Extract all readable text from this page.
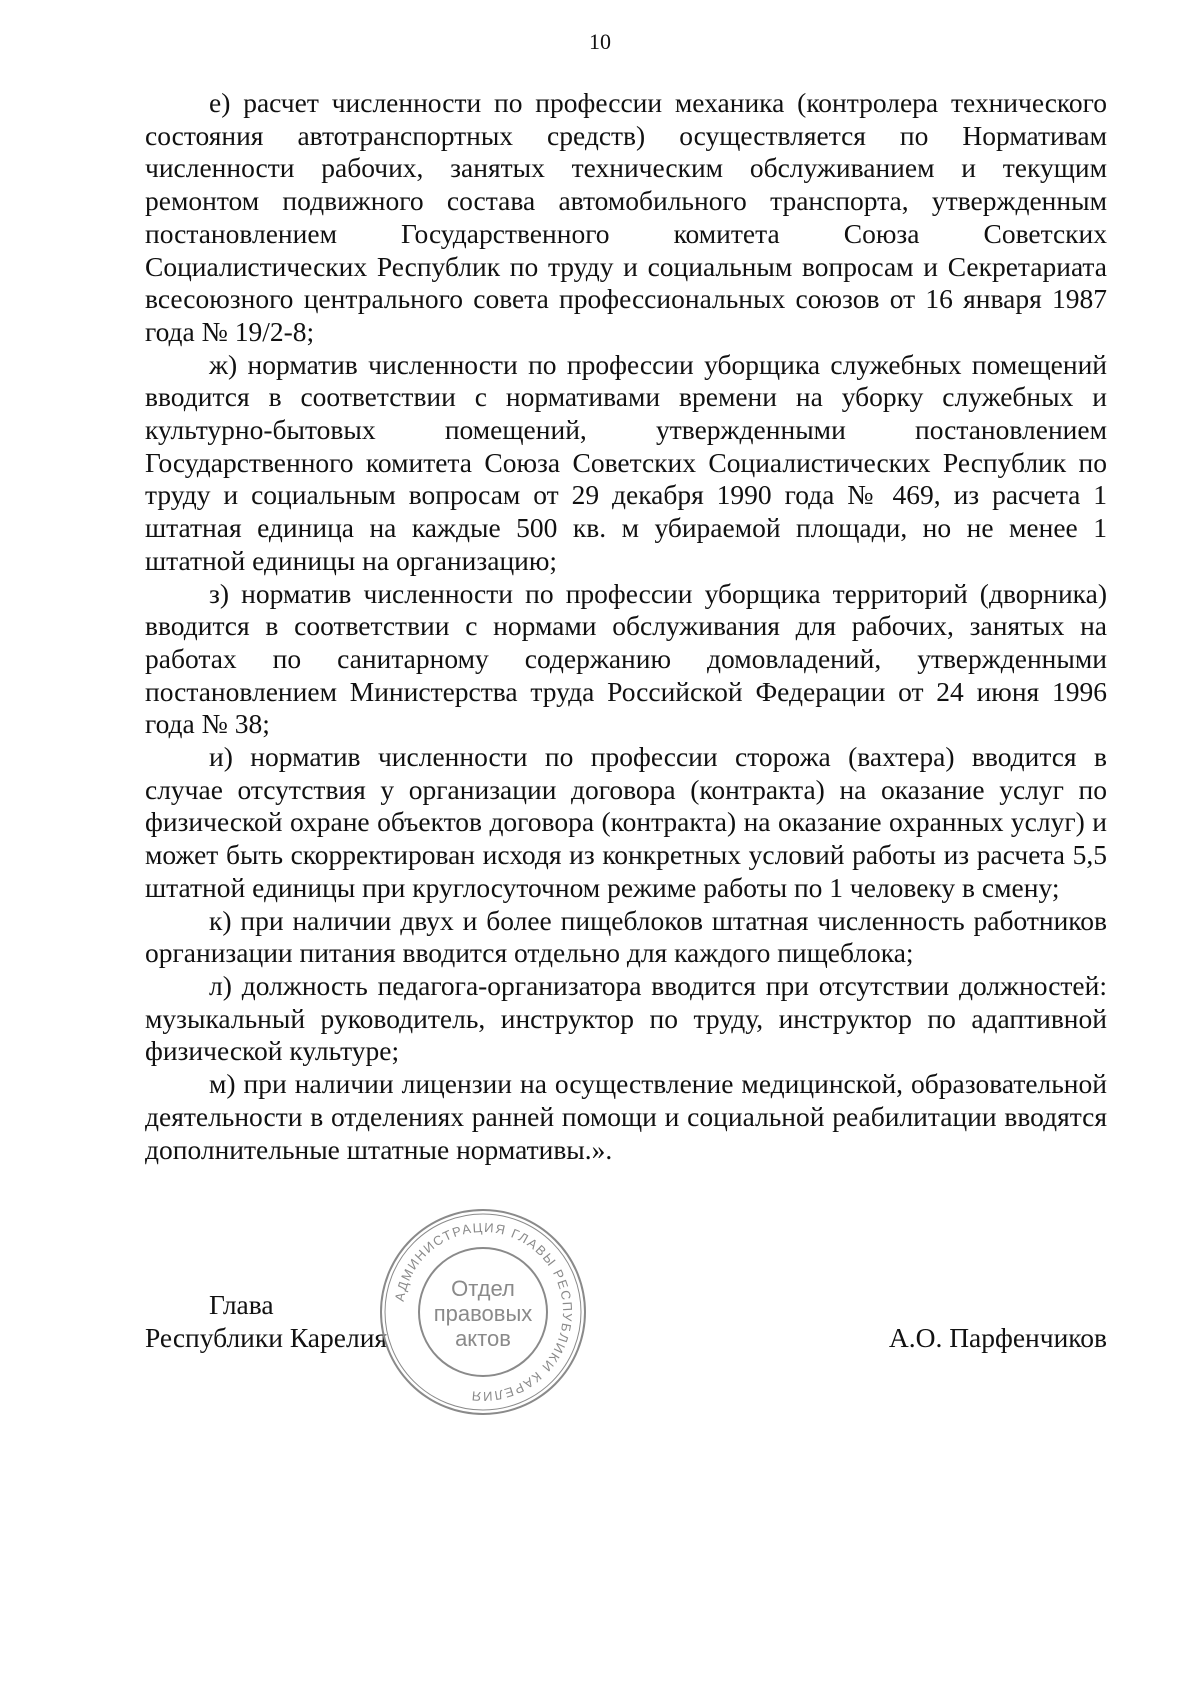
10

е) расчет численности по профессии механика (контролера технического состояния автотранспортных средств) осуществляется по Нормативам численности рабочих, занятых техническим обслуживанием и текущим ремонтом подвижного состава автомобильного транспорта, утвержденным постановлением Государственного комитета Союза Советских Социалистических Республик по труду и социальным вопросам и Секретариата всесоюзного центрального совета профессиональных союзов от 16 января 1987 года № 19/2-8;

ж) норматив численности по профессии уборщика служебных помещений вводится в соответствии с нормативами времени на уборку служебных и культурно-бытовых помещений, утвержденными постановлением Государственного комитета Союза Советских Социалистических Республик по труду и социальным вопросам от 29 декабря 1990 года № 469, из расчета 1 штатная единица на каждые 500 кв. м убираемой площади, но не менее 1 штатной единицы на организацию;

з) норматив численности по профессии уборщика территорий (дворника) вводится в соответствии с нормами обслуживания для рабочих, занятых на работах по санитарному содержанию домовладений, утвержденными постановлением Министерства труда Российской Федерации от 24 июня 1996 года № 38;

и) норматив численности по профессии сторожа (вахтера) вводится в случае отсутствия у организации договора (контракта) на оказание услуг по физической охране объектов договора (контракта) на оказание охранных услуг) и может быть скорректирован исходя из конкретных условий работы из расчета 5,5 штатной единицы при круглосуточном режиме работы по 1 человеку в смену;

к) при наличии двух и более пищеблоков штатная численность работников организации питания вводится отдельно для каждого пищеблока;

л) должность педагога-организатора вводится при отсутствии должностей: музыкальный руководитель, инструктор по труду, инструктор по адаптивной физической культуре;

м) при наличии лицензии на осуществление медицинской, образовательной деятельности в отделениях ранней помощи и социальной реабилитации вводятся дополнительные штатные нормативы.».

Глава
Республики Карелия	А.О. Парфенчиков
АДМИНИСТРАЦИЯ ГЛАВЫ РЕСПУБЛИКИ КАРЕЛИЯ
Отдел
правовых
актов
